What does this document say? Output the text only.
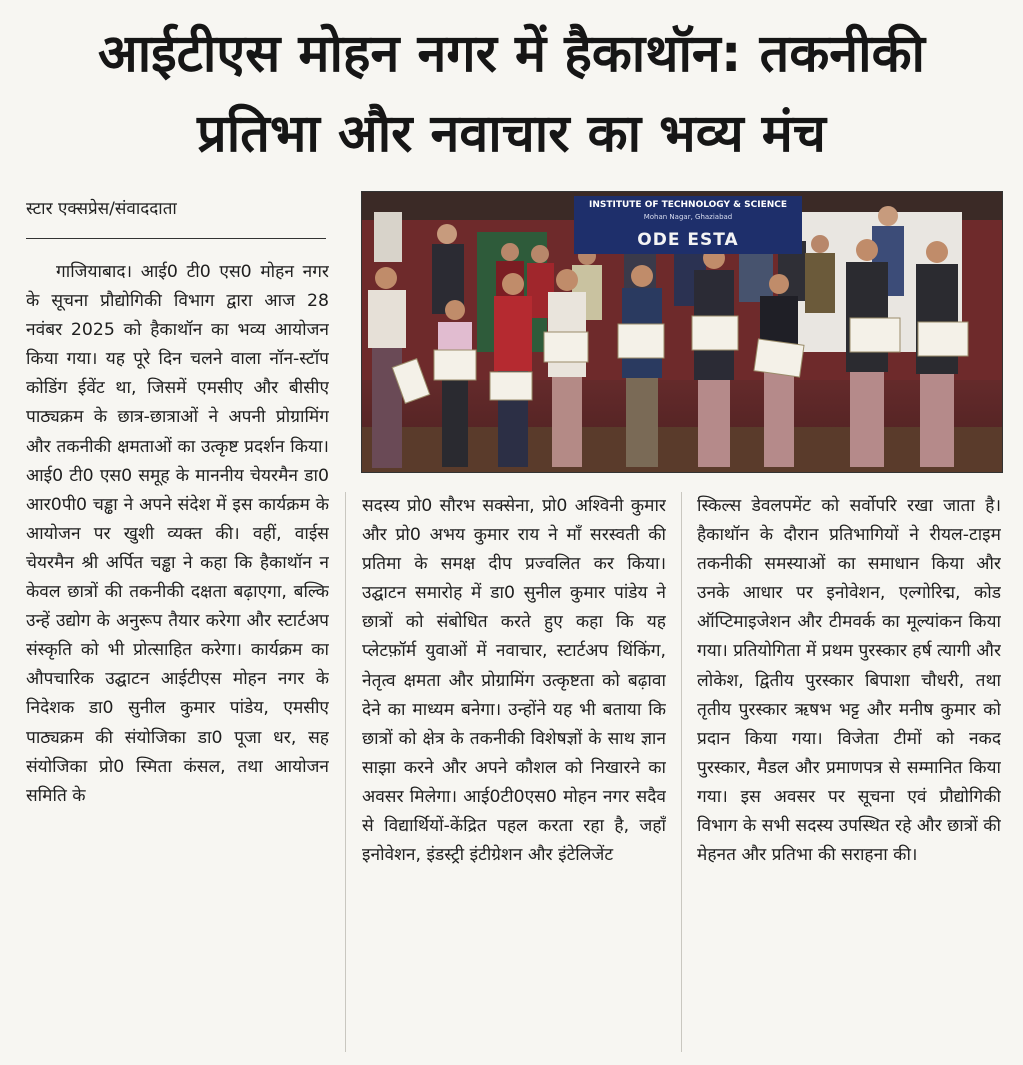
आईटीएस मोहन नगर में हैकाथॉन: तकनीकी
प्रतिभा और नवाचार का भव्य मंच
स्टार एक्सप्रेस/संवाददाता

गाजियाबाद। आई0 टी0 एस0 मोहन नगर के सूचना प्रौद्योगिकी विभाग द्वारा आज 28 नवंबर 2025 को हैकाथॉन का भव्य आयोजन किया गया। यह पूरे दिन चलने वाला नॉन-स्टॉप कोडिंग ईवेंट था, जिसमें एमसीए और बीसीए पाठ्यक्रम के छात्र-छात्राओं ने अपनी प्रोग्रामिंग और तकनीकी क्षमताओं का उत्कृष्ट प्रदर्शन किया। आई0 टी0 एस0 समूह के माननीय चेयरमैन डा0 आर0पी0 चड्ढा ने अपने संदेश में इस कार्यक्रम के आयोजन पर खुशी व्यक्त की। वहीं, वाईस चेयरमैन श्री अर्पित चड्ढा ने कहा कि हैकाथॉन न केवल छात्रों की तकनीकी दक्षता बढ़ाएगा, बल्कि उन्हें उद्योग के अनुरूप तैयार करेगा और स्टार्टअप संस्कृति को भी प्रोत्साहित करेगा। कार्यक्रम का औपचारिक उद्घाटन आईटीएस मोहन नगर के निदेशक डा0 सुनील कुमार पांडेय, एमसीए पाठ्यक्रम की संयोजिका डा0 पूजा धर, सह संयोजिका प्रो0 स्मिता कंसल, तथा आयोजन समिति के

INSTITUTE OF TECHNOLOGY & SCIENCE
Mohan Nagar, Ghaziabad
ODE ESTA

सदस्य प्रो0 सौरभ सक्सेना, प्रो0 अश्विनी कुमार और प्रो0 अभय कुमार राय ने माँ सरस्वती की प्रतिमा के समक्ष दीप प्रज्वलित कर किया। उद्घाटन समारोह में डा0 सुनील कुमार पांडेय ने छात्रों को संबोधित करते हुए कहा कि यह प्लेटफ़ॉर्म युवाओं में नवाचार, स्टार्टअप थिंकिंग, नेतृत्व क्षमता और प्रोग्रामिंग उत्कृष्टता को बढ़ावा देने का माध्यम बनेगा। उन्होंने यह भी बताया कि छात्रों को क्षेत्र के तकनीकी विशेषज्ञों के साथ ज्ञान साझा करने और अपने कौशल को निखारने का अवसर मिलेगा। आई0टी0एस0 मोहन नगर सदैव से विद्यार्थियों-केंद्रित पहल करता रहा है, जहाँ इनोवेशन, इंडस्ट्री इंटीग्रेशन और इंटेलिजेंट

स्किल्स डेवलपमेंट को सर्वोपरि रखा जाता है। हैकाथॉन के दौरान प्रतिभागियों ने रीयल-टाइम तकनीकी समस्याओं का समाधान किया और उनके आधार पर इनोवेशन, एल्गोरिद्म, कोड ऑप्टिमाइजेशन और टीमवर्क का मूल्यांकन किया गया। प्रतियोगिता में प्रथम पुरस्कार हर्ष त्यागी और लोकेश, द्वितीय पुरस्कार बिपाशा चौधरी, तथा तृतीय पुरस्कार ऋषभ भट्ट और मनीष कुमार को प्रदान किया गया। विजेता टीमों को नकद पुरस्कार, मैडल और प्रमाणपत्र से सम्मानित किया गया। इस अवसर पर सूचना एवं प्रौद्योगिकी विभाग के सभी सदस्य उपस्थित रहे और छात्रों की मेहनत और प्रतिभा की सराहना की।
